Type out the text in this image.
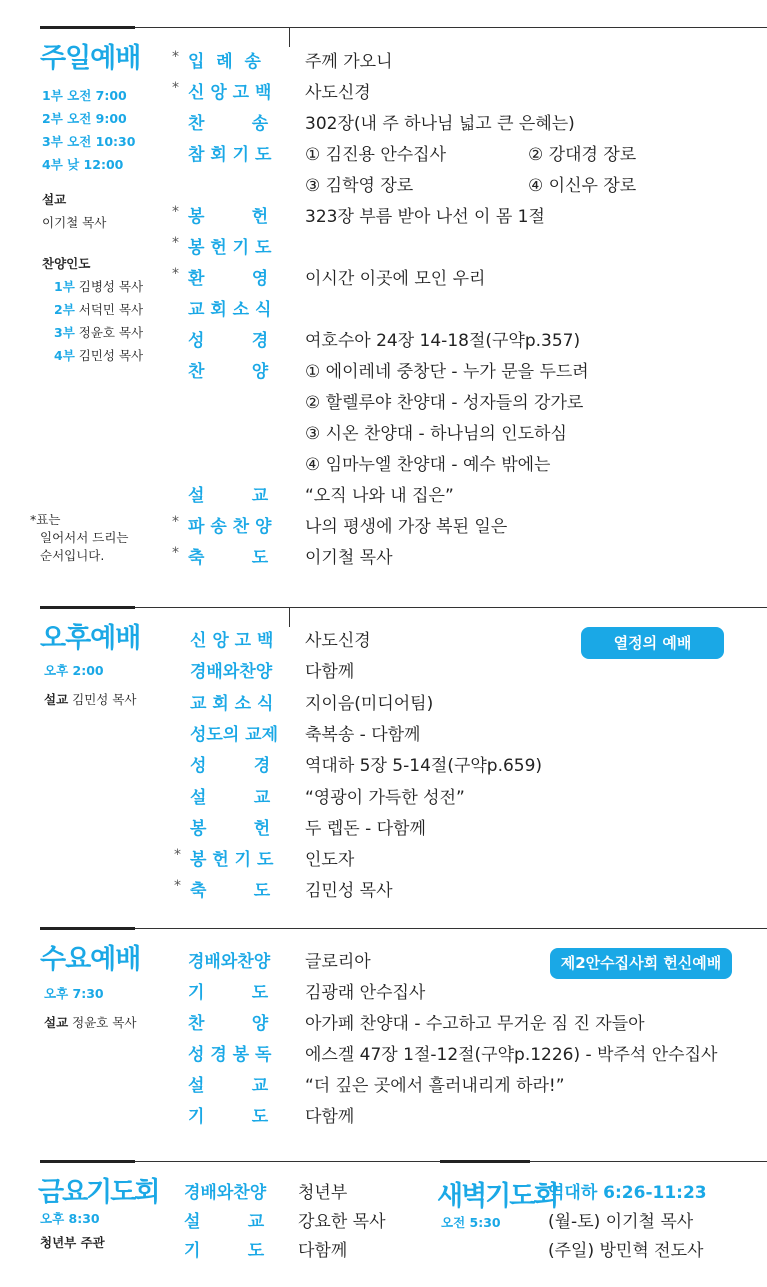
주일예배
1부 오전 7:00
2부 오전 9:00
3부 오전 10:30
4부 낮 12:00
설교
이기철 목사
찬양인도
1부 김병성 목사
2부 서덕민 목사
3부 정윤호 목사
4부 김민성 목사
*표는
일어서서 드리는
순서입니다.
* 입  례  송	주께 가오니
* 신 앙 고 백 사도신경
찬        송 302장(내 주 하나님 넓고 큰 은혜는)
참 회 기 도 ① 김진용 안수집사	② 강대경 장로
③ 김학영 장로	④ 이신우 장로
* 봉        헌 323장 부름 받아 나선 이 몸 1절
* 봉 헌 기 도
* 환        영 이시간 이곳에 모인 우리
교 회 소 식
성        경 여호수아 24장 14-18절(구약p.357)
찬        양 ① 에이레네 중창단 - 누가 문을 두드려
② 할렐루야 찬양대 - 성자들의 강가로
③ 시온 찬양대 - 하나님의 인도하심
④ 임마누엘 찬양대 - 예수 밖에는
설        교 “오직 나와 내 집은”
* 파 송 찬 양 나의 평생에 가장 복된 일은
* 축        도 이기철 목사
오후예배
오후 2:00
설교 김민성 목사
열정의 예배
신 앙 고 백 사도신경
경배와찬양 다함께
교 회 소 식 지이음(미디어팀)
성도의 교제 축복송 - 다함께
성        경 역대하 5장 5-14절(구약p.659)
설        교 “영광이 가득한 성전”
봉        헌 두 렙돈 - 다함께
* 봉 헌 기 도 인도자
* 축        도 김민성 목사
수요예배
오후 7:30
설교 정윤호 목사
제2안수집사회 헌신예배
경배와찬양 글로리아
기        도 김광래 안수집사
찬        양 아가페 찬양대 - 수고하고 무거운 짐 진 자들아
성 경 봉 독 에스겔 47장 1절-12절(구약p.1226) - 박주석 안수집사
설        교 “더 깊은 곳에서 흘러내리게 하라!”
기        도 다함께
금요기도회
오후 8:30
청년부 주관
경배와찬양 청년부
설        교 강요한 목사
기        도 다함께
새벽기도회
오전 5:30
역대하 6:26-11:23
(월-토) 이기철 목사
(주일) 방민혁 전도사
